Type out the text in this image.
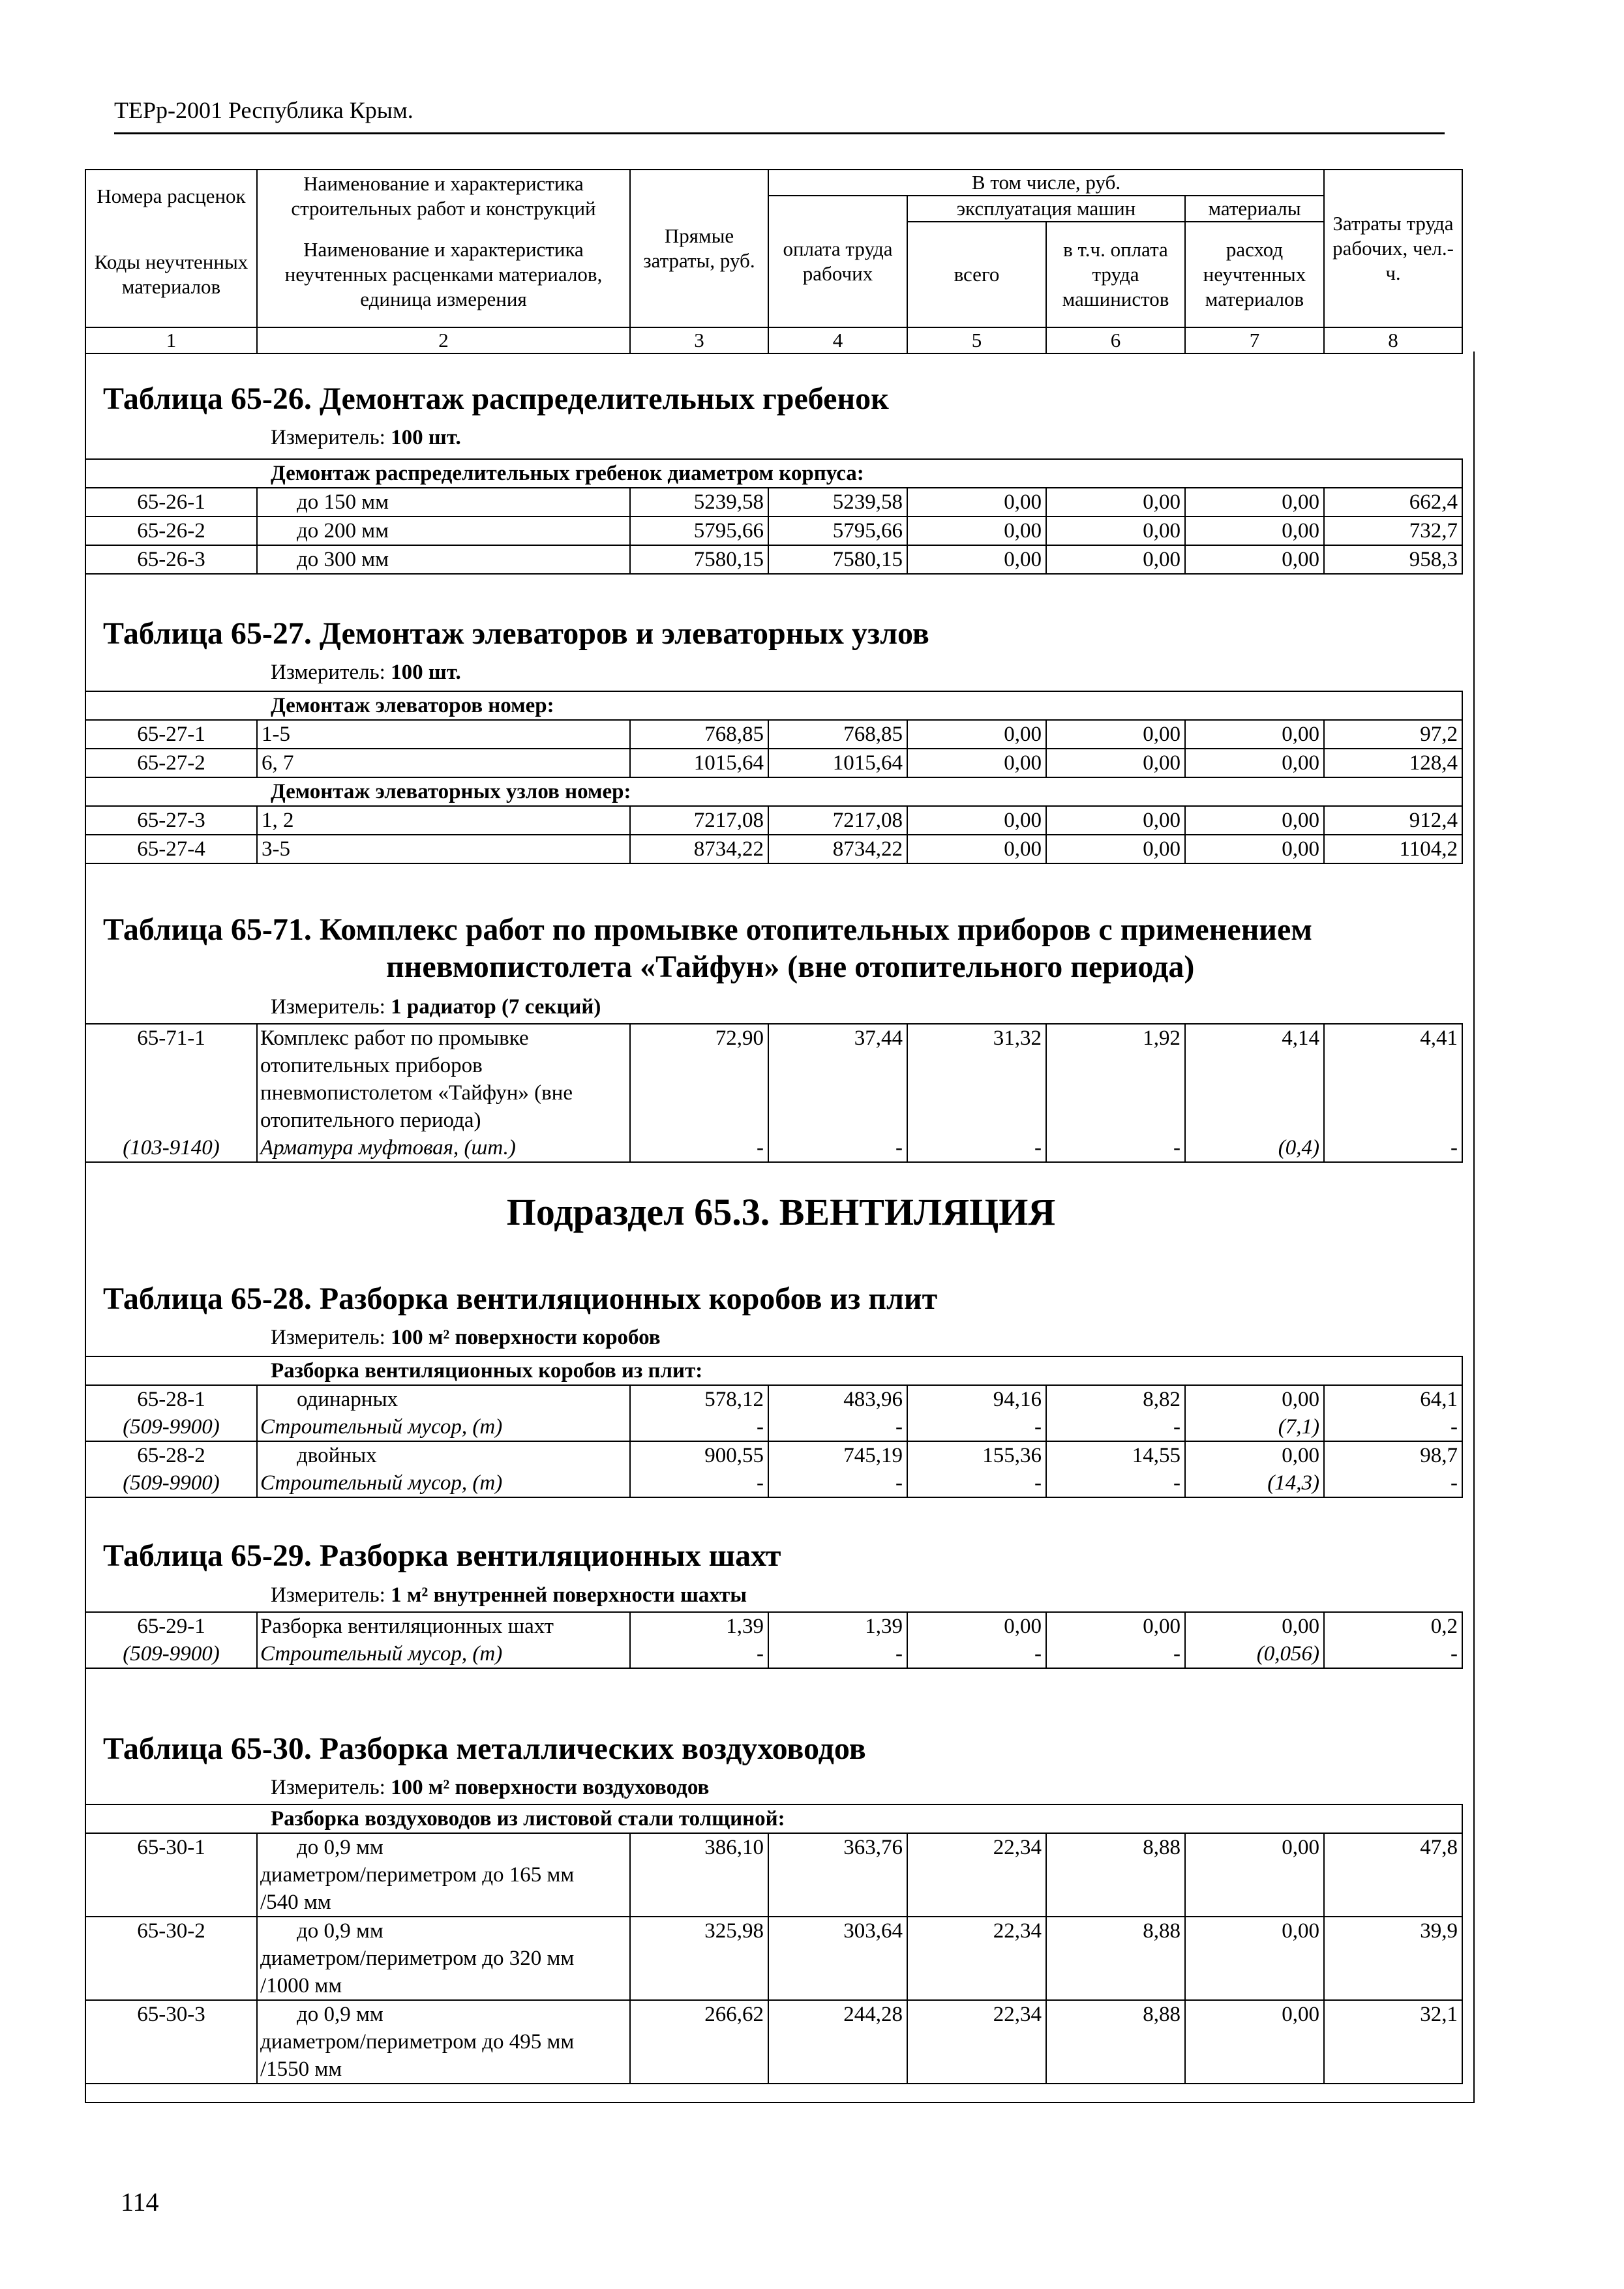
ТЕРр-2001 Республика Крым.
Номера расценок	Наименование и характеристика строительных работ и конструкций	Прямые затраты, руб.	В том числе, руб.				Затраты труда рабочих, чел.-ч.
			оплата труда рабочих	эксплуатация машин		материалы	
Коды неучтенных материалов	Наименование и характеристика неучтенных расценками материалов, единица измерения			всего	в т.ч. оплата труда машинистов	расход неучтенных материалов	

1	2	3	4	5	6	7	8
Таблица 65-26. Демонтаж распределительных гребенок
Измеритель: 100 шт.
Демонтаж распределительных гребенок диаметром корпуса:							
65-26-1	до 150 мм	5239,58	5239,58	0,00	0,00	0,00	662,4
65-26-2	до 200 мм	5795,66	5795,66	0,00	0,00	0,00	732,7
65-26-3	до 300 мм	7580,15	7580,15	0,00	0,00	0,00	958,3
Таблица 65-27. Демонтаж элеваторов и элеваторных узлов
Измеритель: 100 шт.
Демонтаж элеваторов номер:							
65-27-1	1-5	768,85	768,85	0,00	0,00	0,00	97,2
65-27-2	6, 7	1015,64	1015,64	0,00	0,00	0,00	128,4
Демонтаж элеваторных узлов номер:							
65-27-3	1, 2	7217,08	7217,08	0,00	0,00	0,00	912,4
65-27-4	3-5	8734,22	8734,22	0,00	0,00	0,00	1104,2
Таблица 65-71. Комплекс работ по промывке отопительных приборов с применением
пневмопистолета «Тайфун» (вне отопительного периода)
Измеритель: 1 радиатор (7 секций)
65-71-1	Комплекс работ по промывке
отопительных приборов
пневмопистолетом «Тайфун» (вне
отопительного периода)	72,90	37,44	31,32	1,92	4,14	4,41
(103-9140)	Арматура муфтовая, (шт.)	-	-	-	-	(0,4)	-
Подраздел 65.3. ВЕНТИЛЯЦИЯ
Таблица 65-28. Разборка вентиляционных коробов из плит
Измеритель: 100 м² поверхности коробов
Разборка вентиляционных коробов из плит:							
65-28-1	одинарных	578,12	483,96	94,16	8,82	0,00	64,1
(509-9900)	Строительный мусор, (т)	-	-	-	-	(7,1)	-
65-28-2	двойных	900,55	745,19	155,36	14,55	0,00	98,7
(509-9900)	Строительный мусор, (т)	-	-	-	-	(14,3)	-
Таблица 65-29. Разборка вентиляционных шахт
Измеритель: 1 м² внутренней поверхности шахты
65-29-1	Разборка вентиляционных шахт	1,39	1,39	0,00	0,00	0,00	0,2
(509-9900)	Строительный мусор, (т)	-	-	-	-	(0,056)	-
Таблица 65-30. Разборка металлических воздуховодов
Измеритель: 100 м² поверхности воздуховодов
Разборка воздуховодов из листовой стали толщиной:							
65-30-1	до 0,9 мм
диаметром/периметром до 165 мм
/540 мм	386,10	363,76	22,34	8,88	0,00	47,8
65-30-2	до 0,9 мм
диаметром/периметром до 320 мм
/1000 мм	325,98	303,64	22,34	8,88	0,00	39,9
65-30-3	до 0,9 мм
диаметром/периметром до 495 мм
/1550 мм	266,62	244,28	22,34	8,88	0,00	32,1
114
